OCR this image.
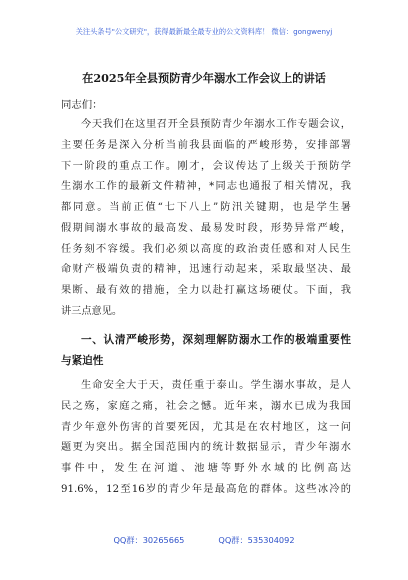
关注头条号"公文研究"，获得最新最全最专业的公文资料库！ 微信：gongwenyj
在2025年全县预防青少年溺水工作会议上的讲话
同志们：
今天我们在这里召开全县预防青少年溺水工作专题会议，
主要任务是深入分析当前我县面临的严峻形势，安排部署
下一阶段的重点工作。刚才，会议传达了上级关于预防学
生溺水工作的最新文件精神，*同志也通报了相关情况，我
都同意。当前正值“七下八上”防汛关键期，也是学生暑
假期间溺水事故的最高发、最易发时段，形势异常严峻，
任务刻不容缓。我们必须以高度的政治责任感和对人民生
命财产极端负责的精神，迅速行动起来，采取最坚决、最
果断、最有效的措施，全力以赴打赢这场硬仗。下面，我
讲三点意见。
一、认清严峻形势，深刻理解防溺水工作的极端重要性
与紧迫性
生命安全大于天，责任重于泰山。学生溺水事故，是人
民之殇，家庭之痛，社会之憾。近年来，溺水已成为我国
青少年意外伤害的首要死因，尤其是在农村地区，这一问
题更为突出。据全国范围内的统计数据显示，青少年溺水
事件中，发生在河道、池塘等野外水域的比例高达
91.6%，12至16岁的青少年是最高危的群体。这些冰冷的
QQ群：30265665	QQ群：535304092
